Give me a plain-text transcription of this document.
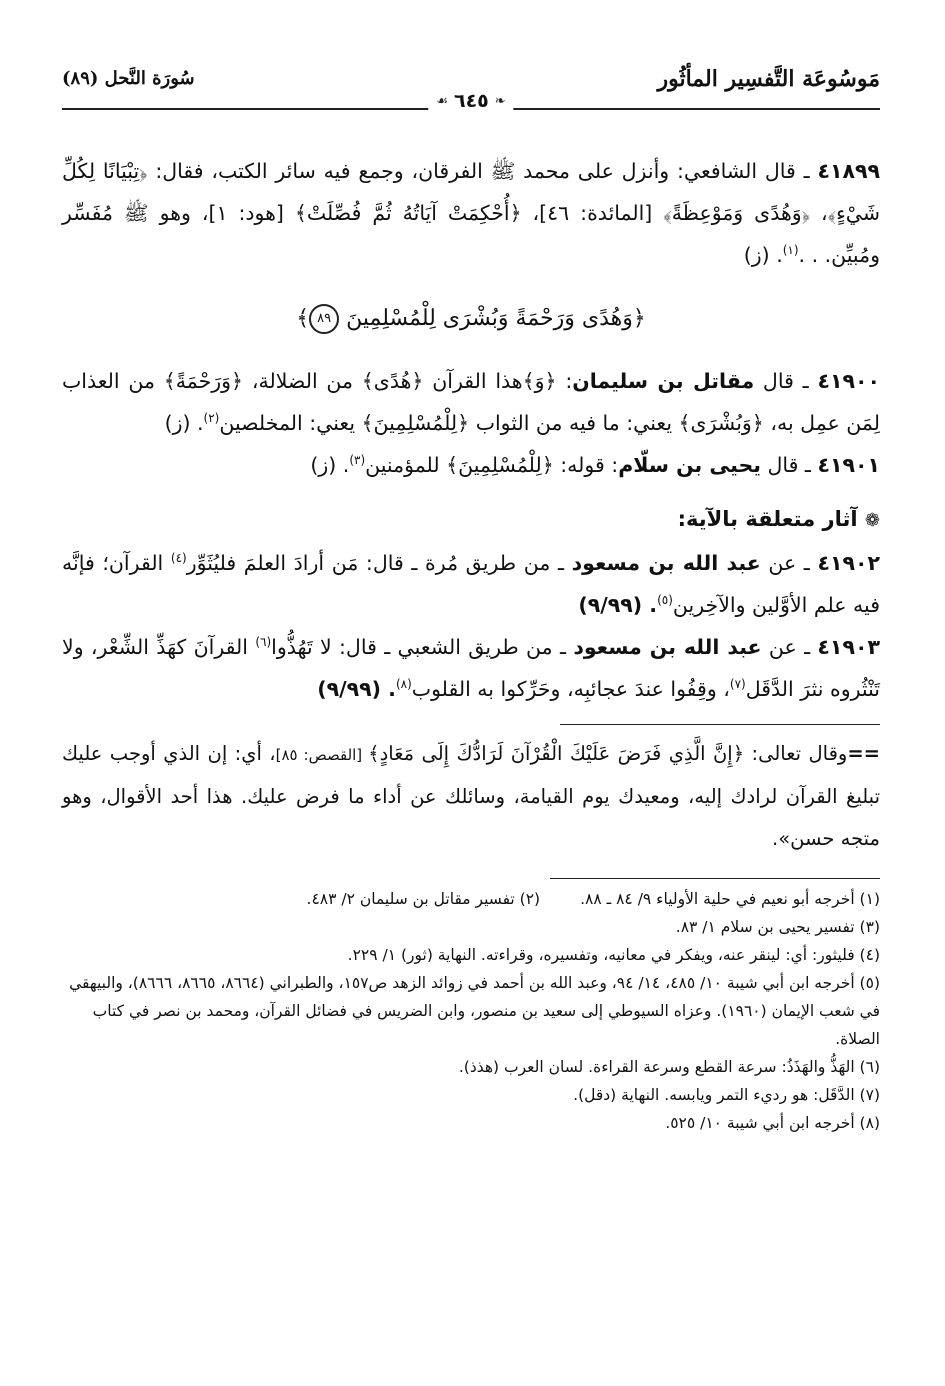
مَوسُوعَة التَّفسِير المأثُور
❧
٦٤٥
☙
سُورَة النَّحل (٨٩)

٤١٨٩٩ ـ قال الشافعي: وأنزل على محمد ﷺ الفرقان، وجمع فيه سائر الكتب، فقال: ﴿تِبْيَانًا لِكُلِّ شَيْءٍ﴾، ﴿وَهُدًى وَمَوْعِظَةً﴾ [المائدة: ٤٦]، ﴿أُحْكِمَتْ آيَاتُهُ ثُمَّ فُصِّلَتْ﴾ [هود: ١]، وهو ﷺ مُفَسِّر ومُبيِّن. . .$^{(١)}$. (ز)

﴿وَهُدًى وَرَحْمَةً وَبُشْرَى لِلْمُسْلِمِينَ ٨٩﴾

٤١٩٠٠ ـ قال مقاتل بن سليمان: ﴿وَ﴾هذا القرآن ﴿هُدًى﴾ من الضلالة، ﴿وَرَحْمَةً﴾ من العذاب لِمَن عمِل به، ﴿وَبُشْرَى﴾ يعني: ما فيه من الثواب ﴿لِلْمُسْلِمِينَ﴾ يعني: المخلصين$^{(٢)}$. (ز)

٤١٩٠١ ـ قال يحيى بن سلّام: قوله: ﴿لِلْمُسْلِمِينَ﴾ للمؤمنين$^{(٣)}$. (ز)

❁ آثار متعلقة بالآية:

٤١٩٠٢ ـ عن عبد الله بن مسعود ـ من طريق مُرة ـ قال: مَن أرادَ العلمَ فليُثَوِّر$^{(٤)}$ القرآن؛ فإنَّه فيه علم الأوَّلين والآخِرين$^{(٥)}$. (٩/٩٩)

٤١٩٠٣ ـ عن عبد الله بن مسعود ـ من طريق الشعبي ـ قال: لا تَهُذُّوا$^{(٦)}$ القرآنَ كهَذِّ الشِّعْر، ولا تَنْثُروه نثرَ الدَّقَل$^{(٧)}$، وقِفُوا عندَ عجائبِه، وحَرِّكوا به القلوب$^{(٨)}$. (٩/٩٩)

==وقال تعالى: ﴿إِنَّ الَّذِي فَرَضَ عَلَيْكَ الْقُرْآنَ لَرَادُّكَ إِلَى مَعَادٍ﴾ [القصص: ٨٥]، أي: إن الذي أوجب عليك تبليغ القرآن لرادك إليه، ومعيدك يوم القيامة، وسائلك عن أداء ما فرض عليك. هذا أحد الأقوال، وهو متجه حسن».

(١) أخرجه أبو نعيم في حلية الأولياء ٩/ ٨٤ ـ ٨٨.(٢) تفسير مقاتل بن سليمان ٢/ ٤٨٣.

(٣) تفسير يحيى بن سلام ١/ ٨٣.

(٤) فليثور: أي: لينقر عنه، ويفكر في معانيه، وتفسيره، وقراءته. النهاية (ثور) ١/ ٢٢٩.

(٥) أخرجه ابن أبي شيبة ١٠/ ٤٨٥، ١٤/ ٩٤، وعبد الله بن أحمد في زوائد الزهد ص١٥٧، والطبراني (٨٦٦٤، ٨٦٦٥، ٨٦٦٦)، والبيهقي في شعب الإيمان (١٩٦٠). وعزاه السيوطي إلى سعيد بن منصور، وابن الضريس في فضائل القرآن، ومحمد بن نصر في كتاب الصلاة.

(٦) الهَذُّ والهَذَذُ: سرعة القطع وسرعة القراءة. لسان العرب (هذذ).

(٧) الدَّقَل: هو رديء التمر ويابسه. النهاية (دقل).

(٨) أخرجه ابن أبي شيبة ١٠/ ٥٢٥.
